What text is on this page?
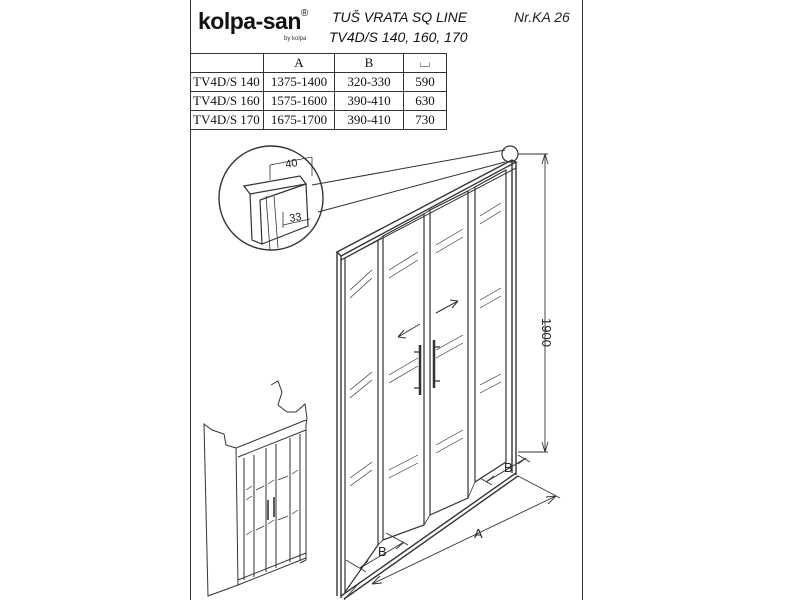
kolpa-san®
by kolpa
TUŠ VRATA SQ LINE
TV4D/S 140, 160, 170
Nr.KA 26
	A	B	⌴
TV4D/S 140	1375-1400	320-330	590
TV4D/S 160	1575-1600	390-410	630
TV4D/S 170	1675-1700	390-410	730
40
33
1900
A
B
B
